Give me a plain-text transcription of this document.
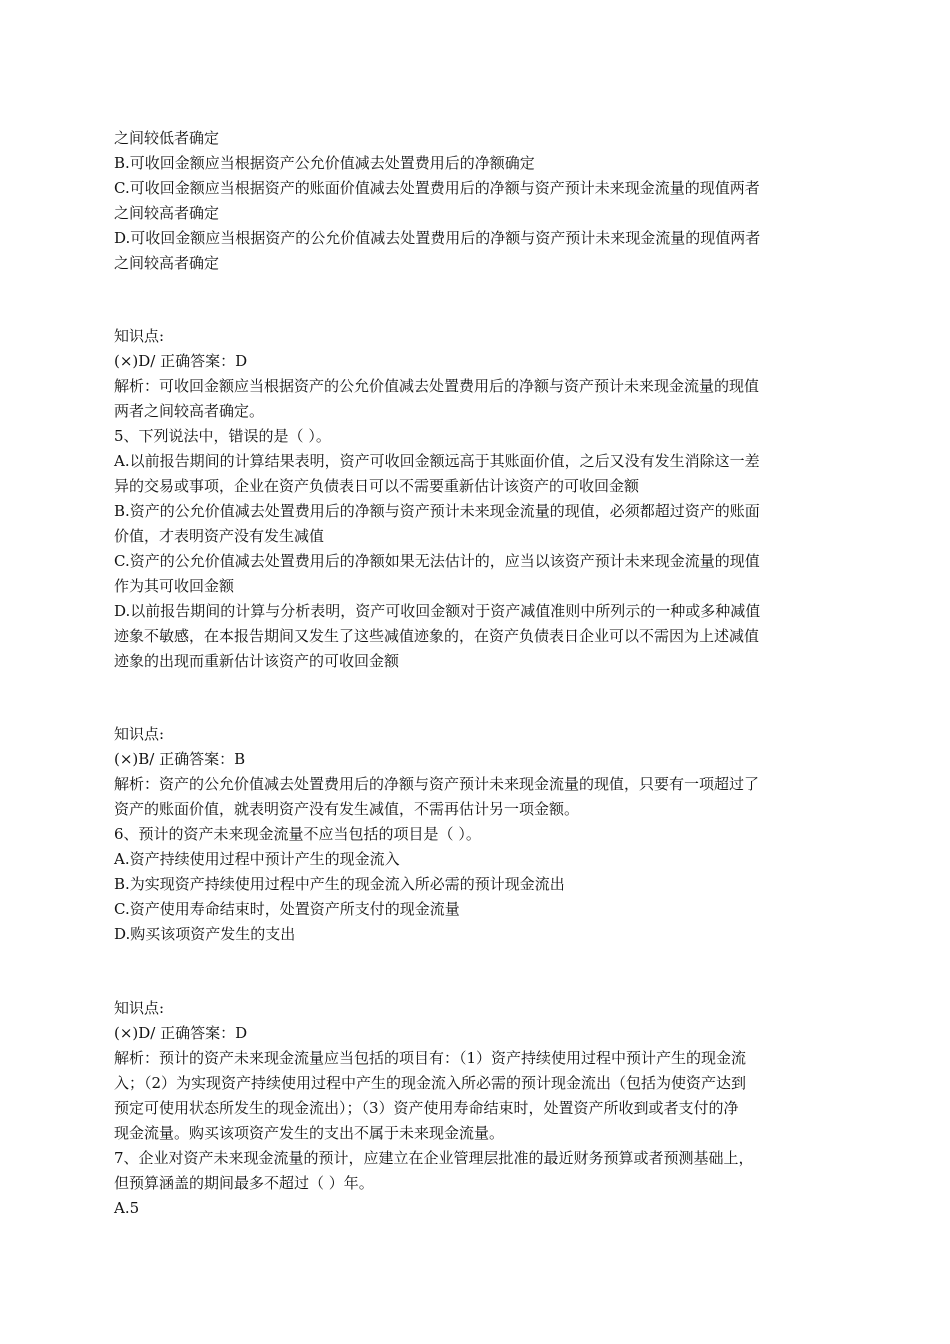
之间较低者确定
B.可收回金额应当根据资产公允价值减去处置费用后的净额确定
C.可收回金额应当根据资产的账面价值减去处置费用后的净额与资产预计未来现金流量的现值两者
之间较高者确定
D.可收回金额应当根据资产的公允价值减去处置费用后的净额与资产预计未来现金流量的现值两者
之间较高者确定
知识点:
(×)D/ 正确答案：D
解析：可收回金额应当根据资产的公允价值减去处置费用后的净额与资产预计未来现金流量的现值
两者之间较高者确定。
5、下列说法中，错误的是（ ）。
A.以前报告期间的计算结果表明，资产可收回金额远高于其账面价值，之后又没有发生消除这一差
异的交易或事项，企业在资产负债表日可以不需要重新估计该资产的可收回金额
B.资产的公允价值减去处置费用后的净额与资产预计未来现金流量的现值，必须都超过资产的账面
价值，才表明资产没有发生减值
C.资产的公允价值减去处置费用后的净额如果无法估计的，应当以该资产预计未来现金流量的现值
作为其可收回金额
D.以前报告期间的计算与分析表明，资产可收回金额对于资产减值准则中所列示的一种或多种减值
迹象不敏感，在本报告期间又发生了这些减值迹象的，在资产负债表日企业可以不需因为上述减值
迹象的出现而重新估计该资产的可收回金额
知识点:
(×)B/ 正确答案：B
解析：资产的公允价值减去处置费用后的净额与资产预计未来现金流量的现值，只要有一项超过了
资产的账面价值，就表明资产没有发生减值，不需再估计另一项金额。
6、预计的资产未来现金流量不应当包括的项目是（ ）。
A.资产持续使用过程中预计产生的现金流入
B.为实现资产持续使用过程中产生的现金流入所必需的预计现金流出
C.资产使用寿命结束时，处置资产所支付的现金流量
D.购买该项资产发生的支出
知识点:
(×)D/ 正确答案：D
解析：预计的资产未来现金流量应当包括的项目有：（1）资产持续使用过程中预计产生的现金流
入；（2）为实现资产持续使用过程中产生的现金流入所必需的预计现金流出（包括为使资产达到
预定可使用状态所发生的现金流出）；（3）资产使用寿命结束时，处置资产所收到或者支付的净
现金流量。购买该项资产发生的支出不属于未来现金流量。
7、企业对资产未来现金流量的预计，应建立在企业管理层批准的最近财务预算或者预测基础上，
但预算涵盖的期间最多不超过（ ）年。
A.5
